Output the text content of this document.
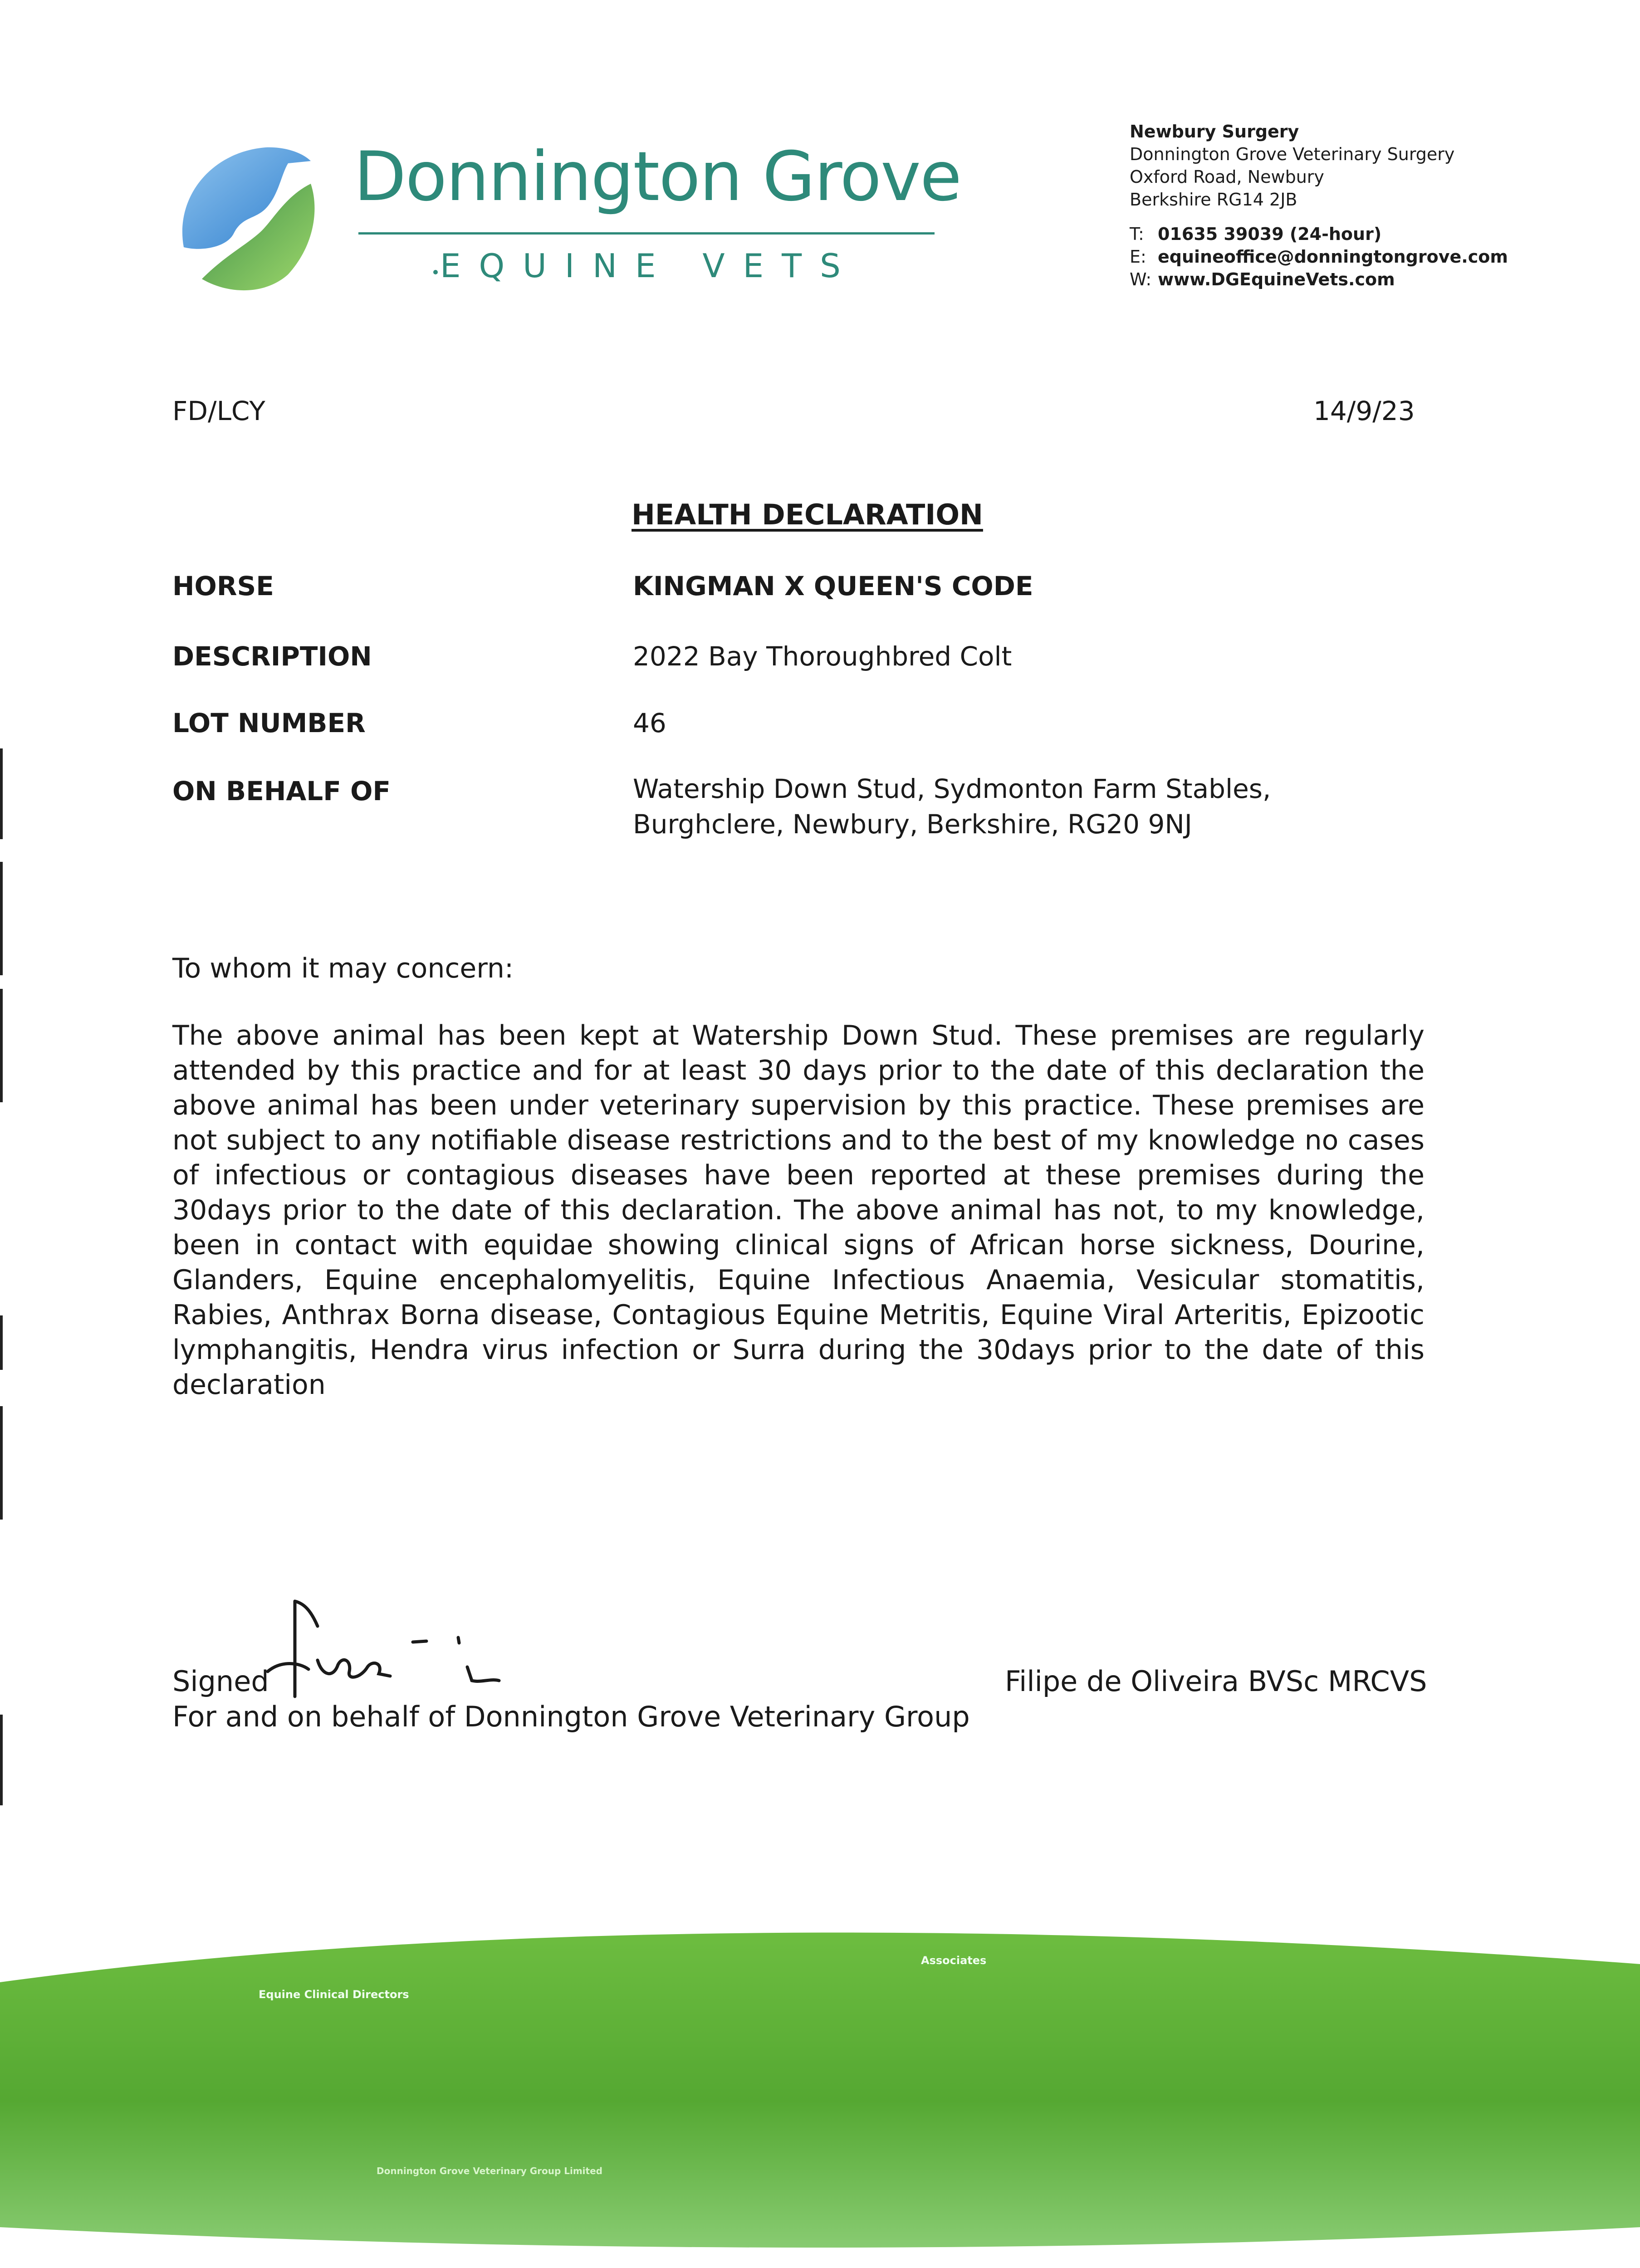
Donnington Grove
EQUINE VETS
Newbury Surgery
Donnington Grove Veterinary Surgery
Oxford Road, Newbury
Berkshire RG14 2JB
T: 01635 39039 (24-hour)
E: equineoffice@donningtongrove.com
W: www.DGEquineVets.com
FD/LCY	14/9/23
HEALTH DECLARATION
HORSE	KINGMAN X QUEEN'S CODE
DESCRIPTION	2022 Bay Thoroughbred Colt
LOT NUMBER	46
ON BEHALF OF	Watership Down Stud, Sydmonton Farm Stables,
Burghclere, Newbury, Berkshire, RG20 9NJ
To whom it may concern:
The above animal has been kept at Watership Down Stud. These premises are regularly attended by this practice and for at least 30 days prior to the date of this declaration the above animal has been under veterinary supervision by this practice. These premises are not subject to any notifiable disease restrictions and to the best of my knowledge no cases of infectious or contagious diseases have been reported at these premises during the 30days prior to the date of this declaration. The above animal has not, to my knowledge, been in contact with equidae showing clinical signs of African horse sickness, Dourine, Glanders, Equine encephalomyelitis, Equine Infectious Anaemia, Vesicular stomatitis, Rabies, Anthrax Borna disease, Contagious Equine Metritis, Equine Viral Arteritis, Epizootic lymphangitis, Hendra virus infection or Surra during the 30days prior to the date of this declaration
Signed	Filipe de Oliveira BVSc MRCVS
For and on behalf of Donnington Grove Veterinary Group
Equine Clinical Directors
Associates
Donnington Grove Veterinary Group Limited
